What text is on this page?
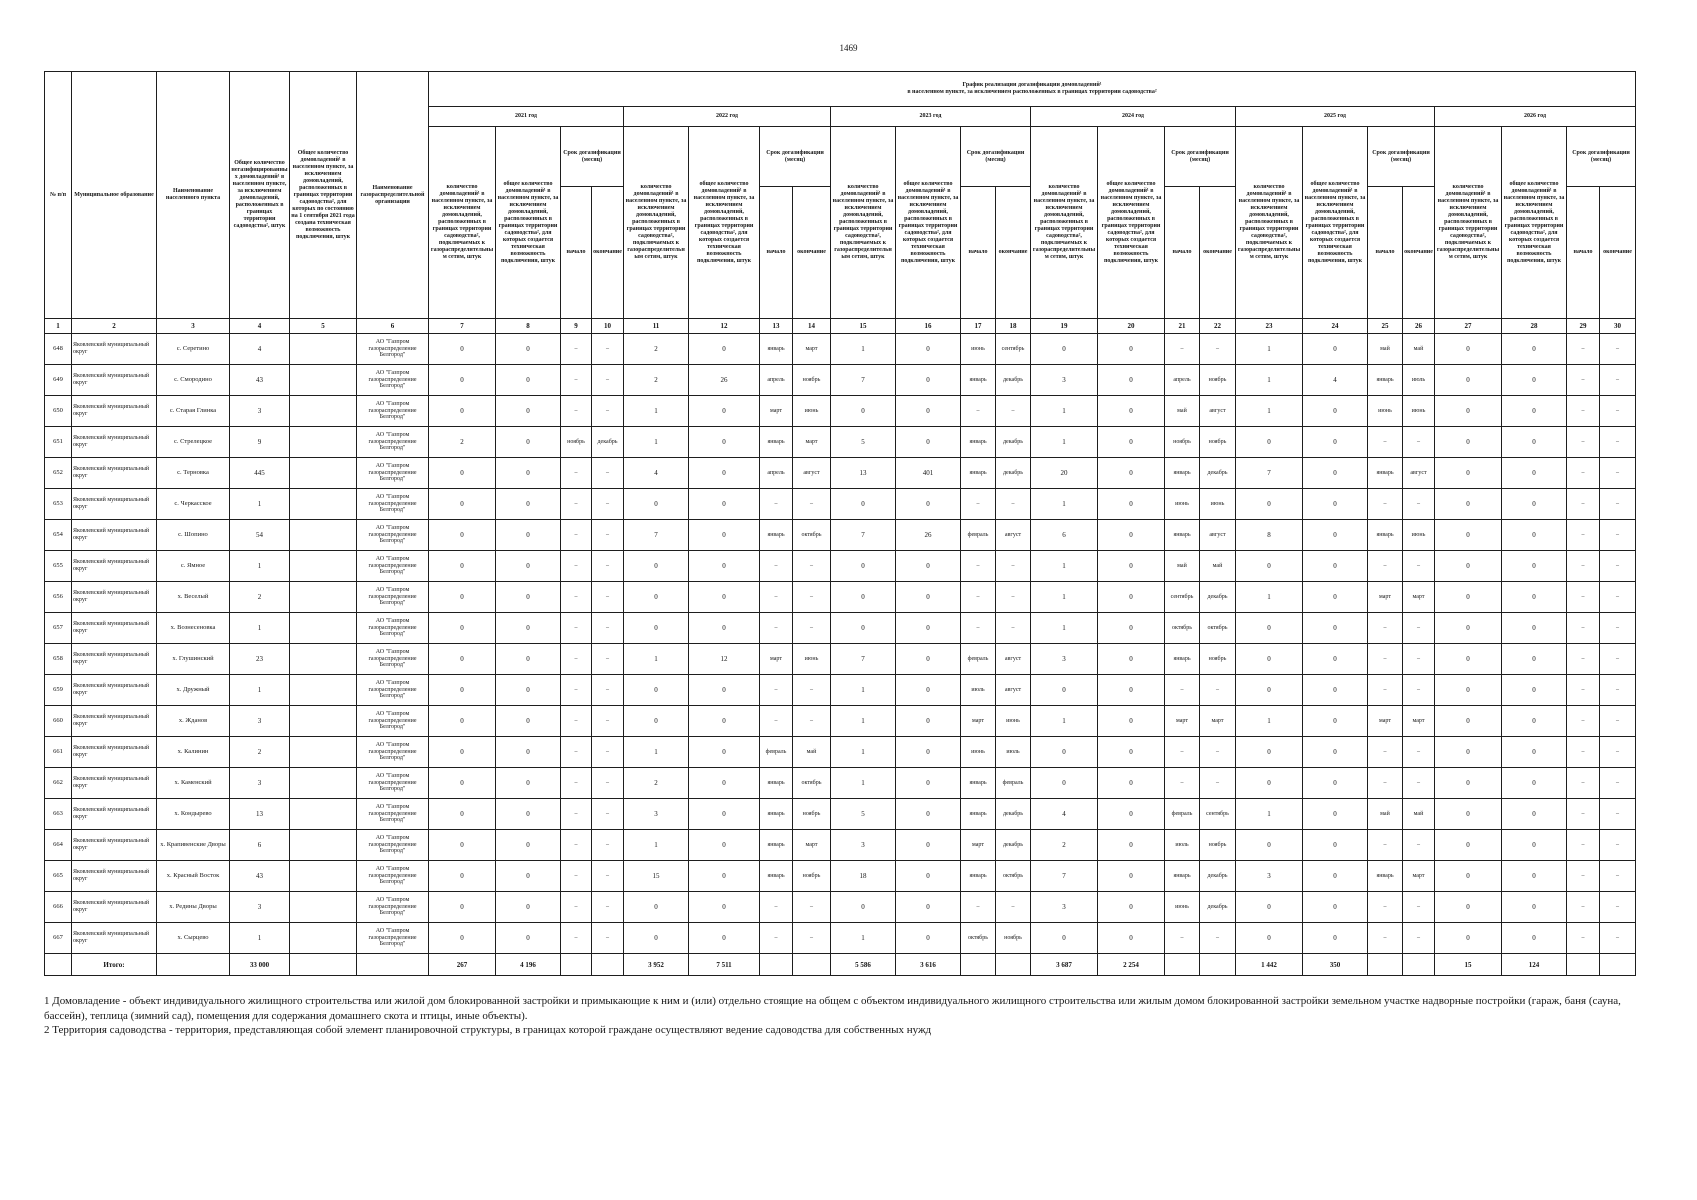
1469
№ п/п	Муниципальное образование	Наименование населенного пункта	Общее количество негазифицированных домовладений¹ в населенном пункте, за исключением домовладений, расположенных в границах территории садоводства², штук	Общее количество домовладений¹ в населенном пункте, за исключением домовладений, расположенных в границах территории садоводства², для которых по состоянию на 1 сентября 2021 года создана техническая возможность подключения, штук	Наименование газораспределительной организации	График реализации догазификации домовладений¹
в населенном пункте, за исключением расположенных в границах территории садоводства²																							

						2021 год				2022 год				2023 год				2024 год				2025 год				2026 год			
						количество домовладений¹ в населенном пункте, за исключением домовладений, расположенных в границах территории садоводства², подключаемых к газораспределительным сетям, штук	общее количество домовладений¹ в населенном пункте, за исключением домовладений, расположенных в границах территории садоводства², для которых создается техническая возможность подключения, штук	Срок догазификации (месяц)		количество домовладений¹ в населенном пункте, за исключением домовладений, расположенных в границах территории садоводства², подключаемых к газораспределительным сетям, штук	общее количество домовладений¹ в населенном пункте, за исключением домовладений, расположенных в границах территории садоводства², для которых создается техническая возможность подключения, штук	Срок догазификации (месяц)		количество домовладений¹ в населенном пункте, за исключением домовладений, расположенных в границах территории садоводства², подключаемых к газораспределительным сетям, штук	общее количество домовладений¹ в населенном пункте, за исключением домовладений, расположенных в границах территории садоводства², для которых создается техническая возможность подключения, штук	Срок догазификации (месяц)		количество домовладений¹ в населенном пункте, за исключением домовладений, расположенных в границах территории садоводства², подключаемых к газораспределительным сетям, штук	общее количество домовладений¹ в населенном пункте, за исключением домовладений, расположенных в границах территории садоводства², для которых создается техническая возможность подключения, штук	Срок догазификации (месяц)		количество домовладений¹ в населенном пункте, за исключением домовладений, расположенных в границах территории садоводства², подключаемых к газораспределительным сетям, штук	общее количество домовладений¹ в населенном пункте, за исключением домовладений, расположенных в границах территории садоводства², для которых создается техническая возможность подключения, штук	Срок догазификации (месяц)		количество домовладений¹ в населенном пункте, за исключением домовладений, расположенных в границах территории садоводства², подключаемых к газораспределительным сетям, штук	общее количество домовладений¹ в населенном пункте, за исключением домовладений, расположенных в границах территории садоводства², для которых создается техническая возможность подключения, штук	Срок догазификации (месяц)	
								начало	окончание			начало	окончание			начало	окончание			начало	окончание			начало	окончание			начало	окончание
1	2	3	4	5	6	7	8	9	10	11	12	13	14	15	16	17	18	19	20	21	22	23	24	25	26	27	28	29	30
648	Яковлевский муниципальный округ	с. Серетино	4		АО "Газпром газораспределение Белгород"	0	0	–	–	2	0	январь	март	1	0	июнь	сентябрь	0	0	–	–	1	0	май	май	0	0	–	–
649	Яковлевский муниципальный округ	с. Смородино	43		АО "Газпром газораспределение Белгород"	0	0	–	–	2	26	апрель	ноябрь	7	0	январь	декабрь	3	0	апрель	ноябрь	1	4	январь	июль	0	0	–	–
650	Яковлевский муниципальный округ	с. Старая Глинка	3		АО "Газпром газораспределение Белгород"	0	0	–	–	1	0	март	июнь	0	0	–	–	1	0	май	август	1	0	июнь	июнь	0	0	–	–
651	Яковлевский муниципальный округ	с. Стрелецкое	9		АО "Газпром газораспределение Белгород"	2	0	ноябрь	декабрь	1	0	январь	март	5	0	январь	декабрь	1	0	ноябрь	ноябрь	0	0	–	–	0	0	–	–
652	Яковлевский муниципальный округ	с. Терновка	445		АО "Газпром газораспределение Белгород"	0	0	–	–	4	0	апрель	август	13	401	январь	декабрь	20	0	январь	декабрь	7	0	январь	август	0	0	–	–
653	Яковлевский муниципальный округ	с. Черкасское	1		АО "Газпром газораспределение Белгород"	0	0	–	–	0	0	–	–	0	0	–	–	1	0	июнь	июнь	0	0	–	–	0	0	–	–
654	Яковлевский муниципальный округ	с. Шопино	54		АО "Газпром газораспределение Белгород"	0	0	–	–	7	0	январь	октябрь	7	26	февраль	август	6	0	январь	август	8	0	январь	июнь	0	0	–	–
655	Яковлевский муниципальный округ	с. Ямное	1		АО "Газпром газораспределение Белгород"	0	0	–	–	0	0	–	–	0	0	–	–	1	0	май	май	0	0	–	–	0	0	–	–
656	Яковлевский муниципальный округ	х. Веселый	2		АО "Газпром газораспределение Белгород"	0	0	–	–	0	0	–	–	0	0	–	–	1	0	сентябрь	декабрь	1	0	март	март	0	0	–	–
657	Яковлевский муниципальный округ	х. Вознесеновка	1		АО "Газпром газораспределение Белгород"	0	0	–	–	0	0	–	–	0	0	–	–	1	0	октябрь	октябрь	0	0	–	–	0	0	–	–
658	Яковлевский муниципальный округ	х. Глушинский	23		АО "Газпром газораспределение Белгород"	0	0	–	–	1	12	март	июнь	7	0	февраль	август	3	0	январь	ноябрь	0	0	–	–	0	0	–	–
659	Яковлевский муниципальный округ	х. Дружный	1		АО "Газпром газораспределение Белгород"	0	0	–	–	0	0	–	–	1	0	июль	август	0	0	–	–	0	0	–	–	0	0	–	–
660	Яковлевский муниципальный округ	х. Жданов	3		АО "Газпром газораспределение Белгород"	0	0	–	–	0	0	–	–	1	0	март	июнь	1	0	март	март	1	0	март	март	0	0	–	–
661	Яковлевский муниципальный округ	х. Калинин	2		АО "Газпром газораспределение Белгород"	0	0	–	–	1	0	февраль	май	1	0	июнь	июль	0	0	–	–	0	0	–	–	0	0	–	–
662	Яковлевский муниципальный округ	х. Каменский	3		АО "Газпром газораспределение Белгород"	0	0	–	–	2	0	январь	октябрь	1	0	январь	февраль	0	0	–	–	0	0	–	–	0	0	–	–
663	Яковлевский муниципальный округ	х. Кондырево	13		АО "Газпром газораспределение Белгород"	0	0	–	–	3	0	январь	ноябрь	5	0	январь	декабрь	4	0	февраль	сентябрь	1	0	май	май	0	0	–	–
664	Яковлевский муниципальный округ	х. Крапивенские Дворы	6		АО "Газпром газораспределение Белгород"	0	0	–	–	1	0	январь	март	3	0	март	декабрь	2	0	июль	ноябрь	0	0	–	–	0	0	–	–
665	Яковлевский муниципальный округ	х. Красный Восток	43		АО "Газпром газораспределение Белгород"	0	0	–	–	15	0	январь	ноябрь	18	0	январь	октябрь	7	0	январь	декабрь	3	0	январь	март	0	0	–	–
666	Яковлевский муниципальный округ	х. Редины Дворы	3		АО "Газпром газораспределение Белгород"	0	0	–	–	0	0	–	–	0	0	–	–	3	0	июнь	декабрь	0	0	–	–	0	0	–	–
667	Яковлевский муниципальный округ	х. Сырцево	1		АО "Газпром газораспределение Белгород"	0	0	–	–	0	0	–	–	1	0	октябрь	ноябрь	0	0	–	–	0	0	–	–	0	0	–	–
	Итого:		33 000			267	4 196			3 952	7 511			5 586	3 616			3 687	2 254			1 442	350			15	124		

1 Домовладение - объект индивидуального жилищного строительства или жилой дом блокированной застройки и примыкающие к ним и (или) отдельно стоящие на общем с объектом индивидуального жилищного строительства или жилым домом блокированной застройки земельном участке надворные постройки (гараж, баня (сауна, бассейн), теплица (зимний сад), помещения для содержания домашнего скота и птицы, иные объекты).

2 Территория садоводства - территория, представляющая собой элемент планировочной структуры, в границах которой граждане осуществляют ведение садоводства для собственных нужд
